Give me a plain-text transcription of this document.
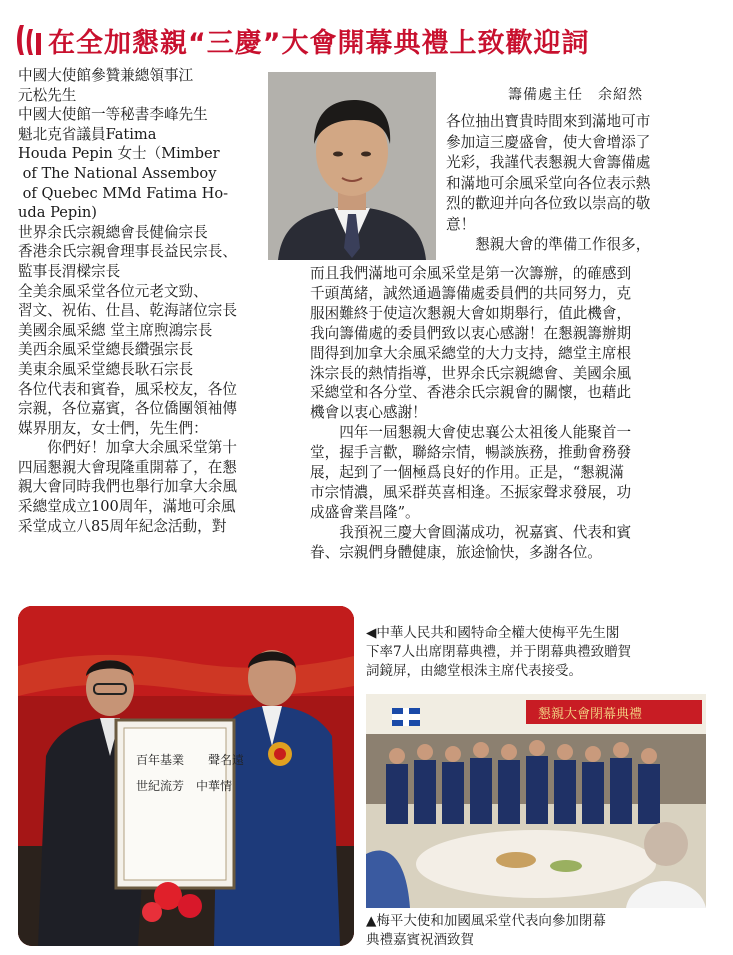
在全加懇親“三慶”大會開幕典禮上致歡迎詞
中國大使館參贊兼總領事江
元松先生
中國大使館一等秘書李峰先生
魁北克省議員Fatima
Houda Pepin 女士（Mimber
of The National Assemboy
of Quebec MMd Fatima Ho-
uda Pepin)
世界余氏宗親總會長健倫宗長
香港余氏宗親會理事長益民宗長、
監事長渭樑宗長
全美余風采堂各位元老文勁、
習文、祝佑、仕昌、乾海諸位宗長
美國余風采總 堂主席煦鴻宗長
美西余風采堂總長纘强宗長
美東余風采堂總長耿石宗長
各位代表和賓眷，風采校友，各位
宗親，各位嘉賓，各位僑團領袖傳
媒界朋友，女士們，先生們：
　　你們好！加拿大余風采堂第十
四屆懇親大會現隆重開幕了，在懇
親大會同時我們也舉行加拿大余風
采總堂成立100周年，滿地可余風
采堂成立八85周年紀念活動，對
籌備處主任　余紹然
各位抽出寶貴時間來到滿地可市
參加這三慶盛會，使大會增添了
光彩，我謹代表懇親大會籌備處
和滿地可余風采堂向各位表示熱
烈的歡迎并向各位致以崇高的敬
意！
　　懇親大會的準備工作很多，
而且我們滿地可余風采堂是第一次籌辦，的確感到
千頭萬緒，誠然通過籌備處委員們的共同努力，克
服困難終于使這次懇親大會如期舉行，值此機會，
我向籌備處的委員們致以衷心感謝！在懇親籌辦期
間得到加拿大余風采總堂的大力支持，總堂主席根
洙宗長的熱情指導，世界余氏宗親總會、美國余風
采總堂和各分堂、香港余氏宗親會的關懷，也藉此
機會以衷心感謝！
　　四年一屆懇親大會使忠襄公太祖後人能聚首一
堂，握手言歡，聯絡宗情，暢談族務，推動會務發
展，起到了一個極爲良好的作用。正是，“懇親滿
市宗情濃，風采群英喜相逢。丕振家聲求發展，功
成盛會業昌隆”。
　　我預祝三慶大會圓滿成功，祝嘉賓、代表和賓
眷、宗親們身體健康，旅途愉快，多謝各位。
百年基業　　聲名遠
世紀流芳　中華情
◀中華人民共和國特命全權大使梅平先生閣
下率7人出席閉幕典禮，并于閉幕典禮致贈賀
詞鏡屏，由總堂根洙主席代表接受。
懇親大會閉幕典禮
▲梅平大使和加國風采堂代表向參加閉幕
典禮嘉賓祝酒致賀
